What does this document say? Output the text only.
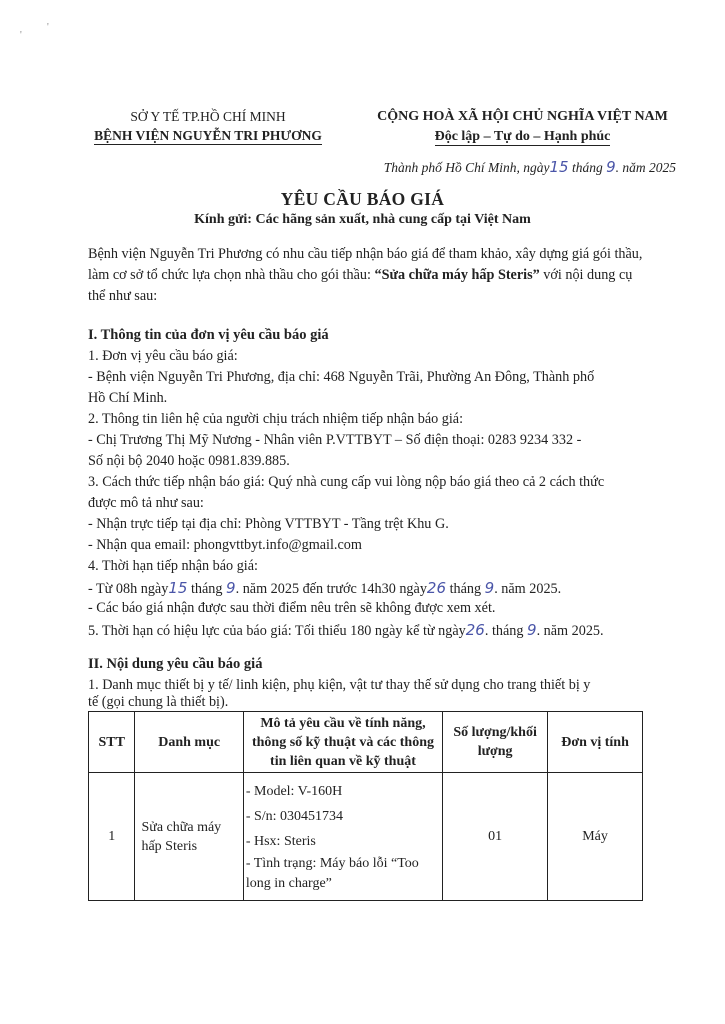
'
'
SỞ Y TẾ TP.HỒ CHÍ MINH
BỆNH VIỆN NGUYỄN TRI PHƯƠNG
CỘNG HOÀ XÃ HỘI CHỦ NGHĨA VIỆT NAM
Độc lập – Tự do – Hạnh phúc
Thành phố Hồ Chí Minh, ngày15 tháng 9. năm 2025
YÊU CẦU BÁO GIÁ
Kính gửi: Các hãng sản xuất, nhà cung cấp tại Việt Nam
Bệnh viện Nguyễn Tri Phương có nhu cầu tiếp nhận báo giá để tham khảo, xây dựng giá gói thầu, làm cơ sở tổ chức lựa chọn nhà thầu cho gói thầu: “Sửa chữa máy hấp Steris” với nội dung cụ thể như sau:
I. Thông tin của đơn vị yêu cầu báo giá
1. Đơn vị yêu cầu báo giá:
- Bệnh viện Nguyễn Tri Phương, địa chỉ: 468 Nguyễn Trãi, Phường An Đông, Thành phố
Hồ Chí Minh.
2. Thông tin liên hệ của người chịu trách nhiệm tiếp nhận báo giá:
- Chị Trương Thị Mỹ Nương - Nhân viên P.VTTBYT – Số điện thoại: 0283 9234 332 -
Số nội bộ 2040 hoặc 0981.839.885.
3. Cách thức tiếp nhận báo giá: Quý nhà cung cấp vui lòng nộp báo giá theo cả 2 cách thức
được mô tả như sau:
- Nhận trực tiếp tại địa chỉ: Phòng VTTBYT - Tầng trệt Khu G.
- Nhận qua email: phongvttbyt.info@gmail.com
4. Thời hạn tiếp nhận báo giá:
- Từ 08h ngày15 tháng 9. năm 2025 đến trước 14h30 ngày26 tháng 9. năm 2025.
- Các báo giá nhận được sau thời điểm nêu trên sẽ không được xem xét.
5. Thời hạn có hiệu lực của báo giá: Tối thiểu 180 ngày kể từ ngày26. tháng 9. năm 2025.
II. Nội dung yêu cầu báo giá
1. Danh mục thiết bị y tế/ linh kiện, phụ kiện, vật tư thay thế sử dụng cho trang thiết bị y
tế (gọi chung là thiết bị).
STT	Danh mục	Mô tả yêu cầu về tính năng, thông số kỹ thuật và các thông tin liên quan về kỹ thuật	Số lượng/khối lượng	Đơn vị tính
1	Sửa chữa máy hấp Steris	- Model: V-160H
- S/n: 030451734
- Hsx: Steris
- Tình trạng: Máy báo lỗi “Too long in charge”	01	Máy
